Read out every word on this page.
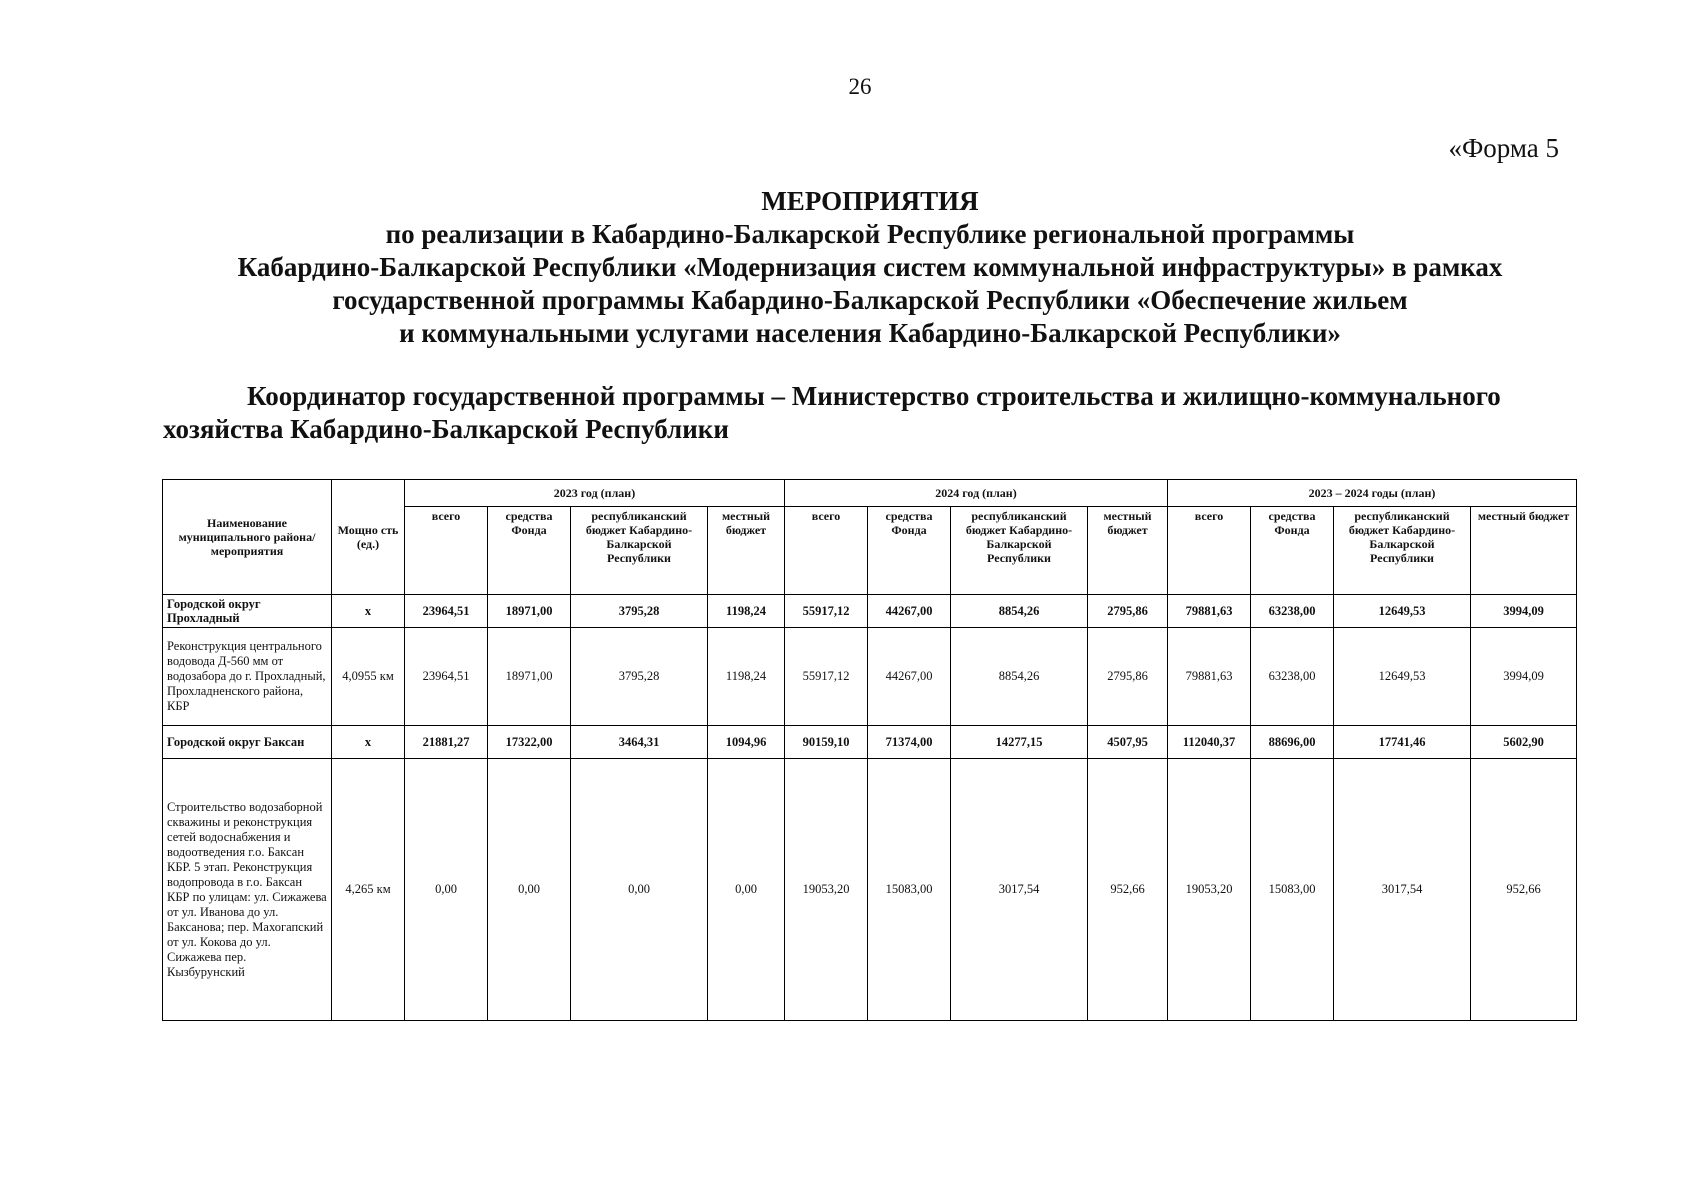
26
«Форма 5
МЕРОПРИЯТИЯ
по реализации в Кабардино-Балкарской Республике региональной программы
Кабардино-Балкарской Республики «Модернизация систем коммунальной инфраструктуры» в рамках
государственной программы Кабардино-Балкарской Республики «Обеспечение жильем
и коммунальными услугами населения Кабардино-Балкарской Республики»
Координатор государственной программы – Министерство строительства и жилищно-коммунального
хозяйства Кабардино-Балкарской Республики
Наименование муниципального района/мероприятия	Мощно сть (ед.)	2023 год (план)				2024 год (план)				2023 – 2024 годы (план)			
		всего	средства Фонда	республиканский бюджет Кабардино-Балкарской Республики	местный бюджет	всего	средства Фонда	республиканский бюджет Кабардино-Балкарской Республики	местный бюджет	всего	средства Фонда	республиканский бюджет Кабардино-Балкарской Республики	местный бюджет
Городской округ Прохладный	x	23964,51	18971,00	3795,28	1198,24	55917,12	44267,00	8854,26	2795,86	79881,63	63238,00	12649,53	3994,09
Реконструкция центрального водовода Д-560 мм от водозабора до г. Прохладный, Прохладненского района, КБР	4,0955 км	23964,51	18971,00	3795,28	1198,24	55917,12	44267,00	8854,26	2795,86	79881,63	63238,00	12649,53	3994,09
Городской округ Баксан	x	21881,27	17322,00	3464,31	1094,96	90159,10	71374,00	14277,15	4507,95	112040,37	88696,00	17741,46	5602,90
Строительство водозаборной скважины и реконструкция сетей водоснабжения и водоотведения г.о. Баксан КБР. 5 этап. Реконструкция водопровода в г.о. Баксан КБР по улицам: ул. Сижажева от ул. Иванова до ул. Баксанова; пер. Махогапский от ул. Кокова до ул. Сижажева пер. Кызбурунский	4,265 км	0,00	0,00	0,00	0,00	19053,20	15083,00	3017,54	952,66	19053,20	15083,00	3017,54	952,66
